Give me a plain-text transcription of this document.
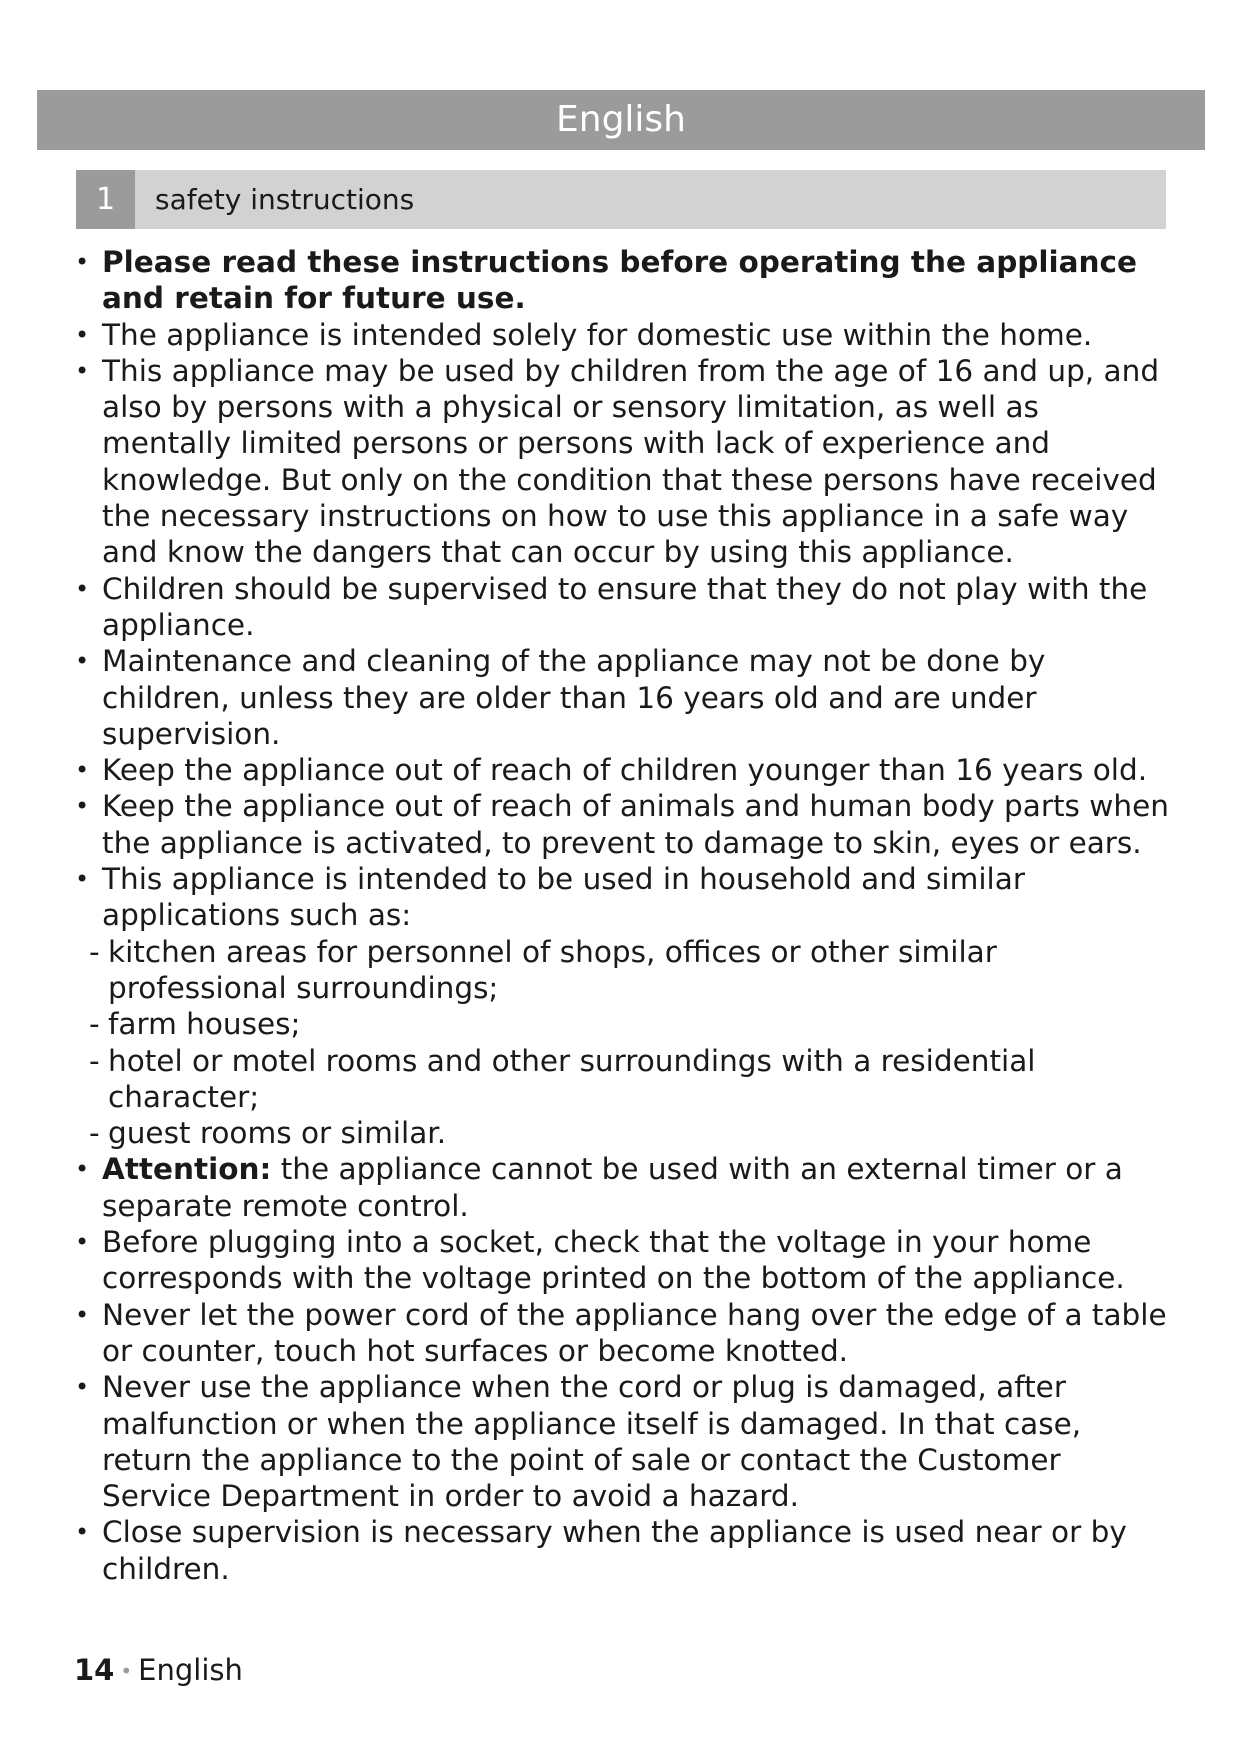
English
1	safety instructions
• Please read these instructions before operating the appliance and retain for future use.
• The appliance is intended solely for domestic use within the home.
• This appliance may be used by children from the age of 16 and up, and also by persons with a physical or sensory limitation, as well as mentally limited persons or persons with lack of experience and knowledge. But only on the condition that these persons have received the necessary instructions on how to use this appliance in a safe way and know the dangers that can occur by using this appliance.
• Children should be supervised to ensure that they do not play with the appliance.
• Maintenance and cleaning of the appliance may not be done by children, unless they are older than 16 years old and are under supervision.
• Keep the appliance out of reach of children younger than 16 years old.
• Keep the appliance out of reach of animals and human body parts when the appliance is activated, to prevent to damage to skin, eyes or ears.
• This appliance is intended to be used in household and similar applications such as:
- kitchen areas for personnel of shops, offices or other similar professional surroundings;
- farm houses;
- hotel or motel rooms and other surroundings with a residential character;
- guest rooms or similar.
• Attention: the appliance cannot be used with an external timer or a separate remote control.
• Before plugging into a socket, check that the voltage in your home corresponds with the voltage printed on the bottom of the appliance.
• Never let the power cord of the appliance hang over the edge of a table or counter, touch hot surfaces or become knotted.
• Never use the appliance when the cord or plug is damaged, after malfunction or when the appliance itself is damaged. In that case, return the appliance to the point of sale or contact the Customer Service Department in order to avoid a hazard.
• Close supervision is necessary when the appliance is used near or by children.
14 • English
